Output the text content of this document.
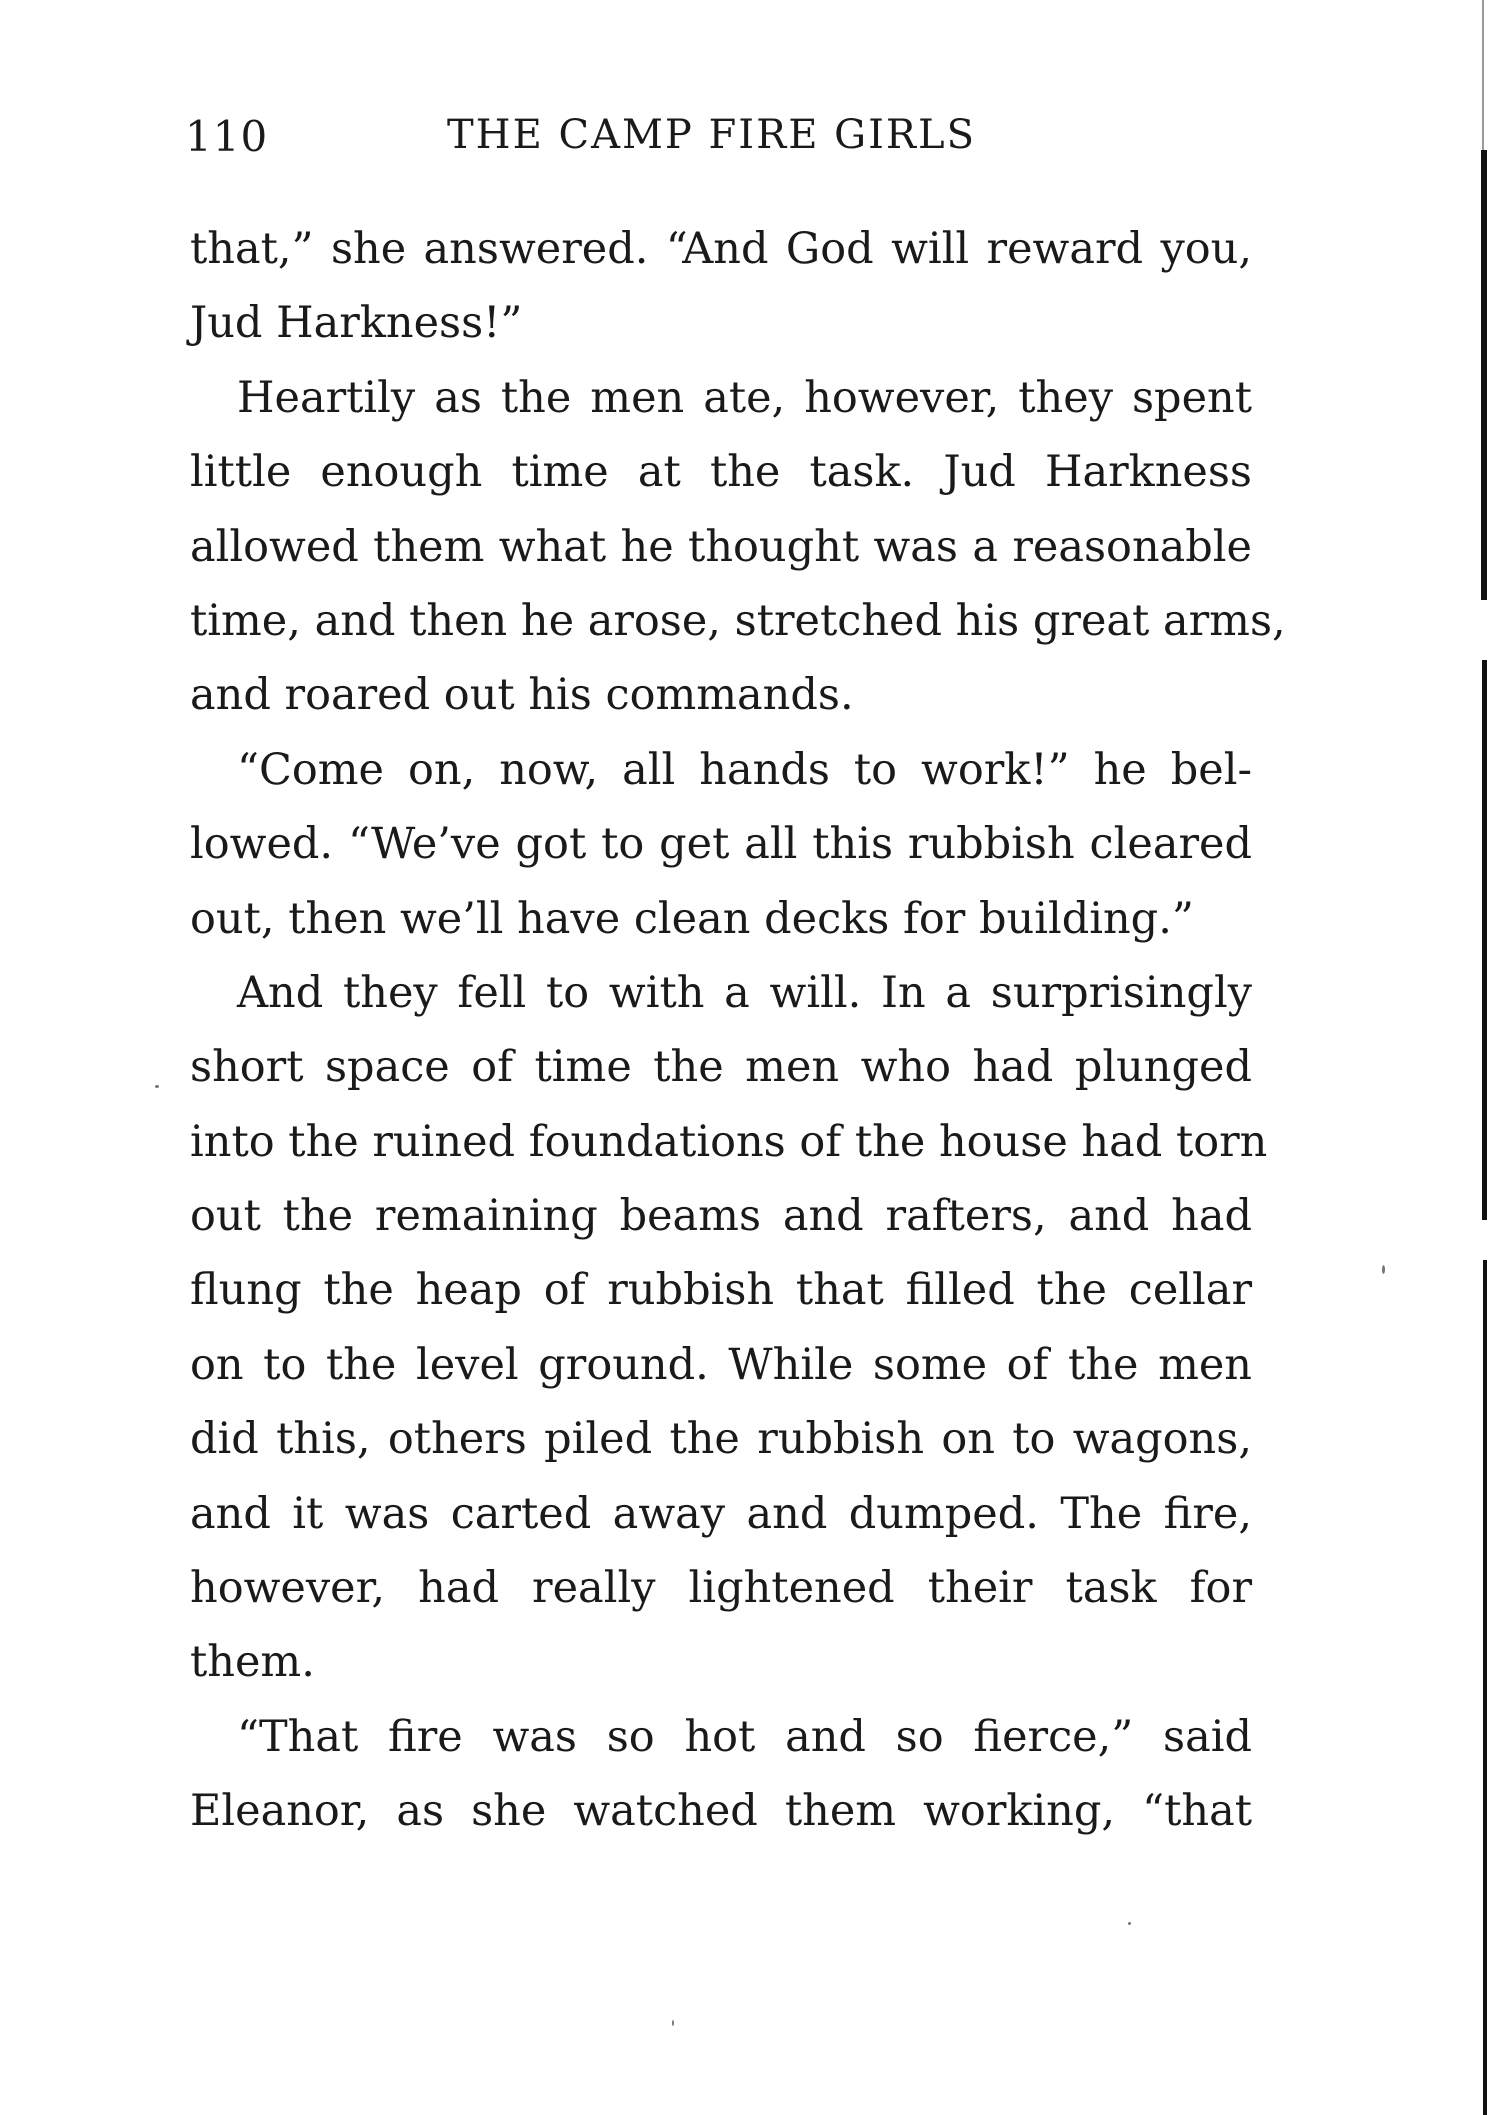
110	THE CAMP FIRE GIRLS
that,” she answered. “And God will reward you,
Jud Harkness!”
Heartily as the men ate, however, they spent
little enough time at the task. Jud Harkness
allowed them what he thought was a reasonable
time, and then he arose, stretched his great arms,
and roared out his commands.
“Come on, now, all hands to work!” he bel-
lowed. “We’ve got to get all this rubbish cleared
out, then we’ll have clean decks for building.”
And they fell to with a will. In a surprisingly
short space of time the men who had plunged
into the ruined foundations of the house had torn
out the remaining beams and rafters, and had
flung the heap of rubbish that filled the cellar
on to the level ground. While some of the men
did this, others piled the rubbish on to wagons,
and it was carted away and dumped. The fire,
however, had really lightened their task for
them.
“That fire was so hot and so fierce,” said
Eleanor, as she watched them working, “that
